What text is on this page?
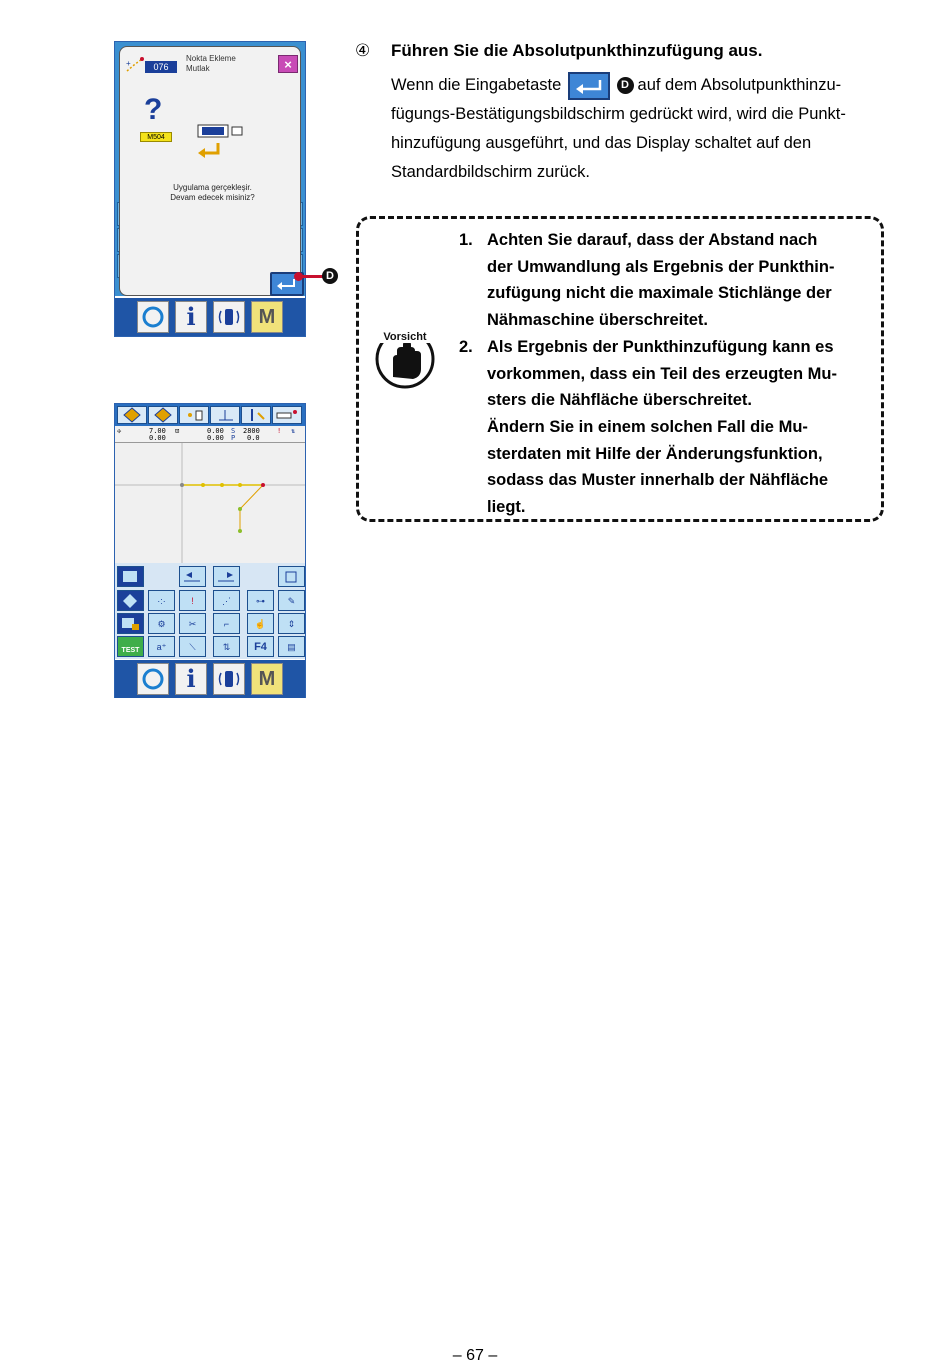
+	076
Nokta Ekleme
Mutlak	×
?
M504
Uygulama gerçekleşir.
Devam edecek misiniz?
i	M
D
✢	7.00
0.00
⊡	0.00
0.00
S 2800
P 0.0
! ⇅
·:·	!	⋰	⊶	✎
⚙	✂	⌐	☝	⇕
TEST	a⁺	⟍	⇅	F4	▤
i	M
④ Führen Sie die Absolutpunkthinzufügung aus.
Wenn die Eingabetaste	D auf dem Absolutpunkthinzu-
fügungs-Bestätigungsbildschirm gedrückt wird, wird die Punkt-
hinzufügung ausgeführt, und das Display schaltet auf den
Standardbildschirm zurück.
Vorsicht
1. Achten Sie darauf, dass der Abstand nach
der Umwandlung als Ergebnis der Punkthin-
zufügung nicht die maximale Stichlänge der
Nähmaschine überschreitet.
2. Als Ergebnis der Punkthinzufügung kann es
vorkommen, dass ein Teil des erzeugten Mu-
sters die Nähfläche überschreitet.
Ändern Sie in einem solchen Fall die Mu-
sterdaten mit Hilfe der Änderungsfunktion,
sodass das Muster innerhalb der Nähfläche
liegt.
– 67 –
